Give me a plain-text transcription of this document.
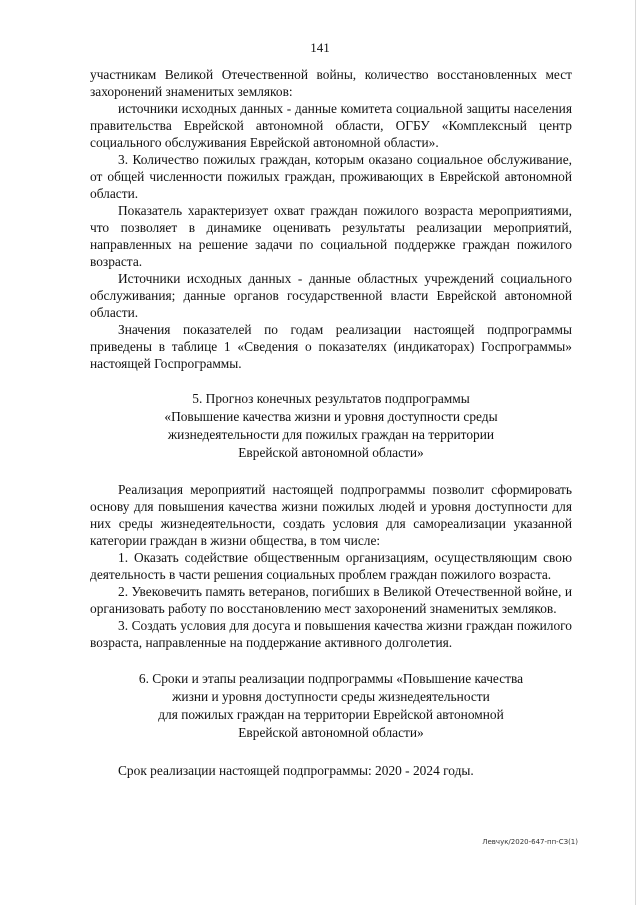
141

участникам Великой Отечественной войны, количество восстановленных мест захоронений знаменитых земляков:

источники исходных данных - данные комитета социальной защиты населения правительства Еврейской автономной области, ОГБУ «Комплексный центр социального обслуживания Еврейской автономной области».

3. Количество пожилых граждан, которым оказано социальное обслуживание, от общей численности пожилых граждан, проживающих в Еврейской автономной области.

Показатель характеризует охват граждан пожилого возраста мероприятиями, что позволяет в динамике оценивать результаты реализации мероприятий, направленных на решение задачи по социальной поддержке граждан пожилого возраста.

Источники исходных данных - данные областных учреждений социального обслуживания; данные органов государственной власти Еврейской автономной области.

Значения показателей по годам реализации настоящей подпрограммы приведены в таблице 1 «Сведения о показателях (индикаторах) Госпрограммы» настоящей Госпрограммы.

5. Прогноз конечных результатов подпрограммы

«Повышение качества жизни и уровня доступности среды

жизнедеятельности для пожилых граждан на территории

Еврейской автономной области»

Реализация мероприятий настоящей подпрограммы позволит сформировать основу для повышения качества жизни пожилых людей и уровня доступности для них среды жизнедеятельности, создать условия для самореализации указанной категории граждан в жизни общества, в том числе:

1. Оказать содействие общественным организациям, осуществляющим свою деятельность в части решения социальных проблем граждан пожилого возраста.

2. Увековечить память ветеранов, погибших в Великой Отечественной войне, и организовать работу по восстановлению мест захоронений знаменитых земляков.

3. Создать условия для досуга и повышения качества жизни граждан пожилого возраста, направленные на поддержание активного долголетия.

6. Сроки и этапы реализации подпрограммы «Повышение качества

жизни и уровня доступности среды жизнедеятельности

для пожилых граждан на территории Еврейской автономной

Еврейской автономной области»

Срок реализации настоящей подпрограммы: 2020 - 2024 годы.

Левчук/2020-647-пп-СЗ(1)
